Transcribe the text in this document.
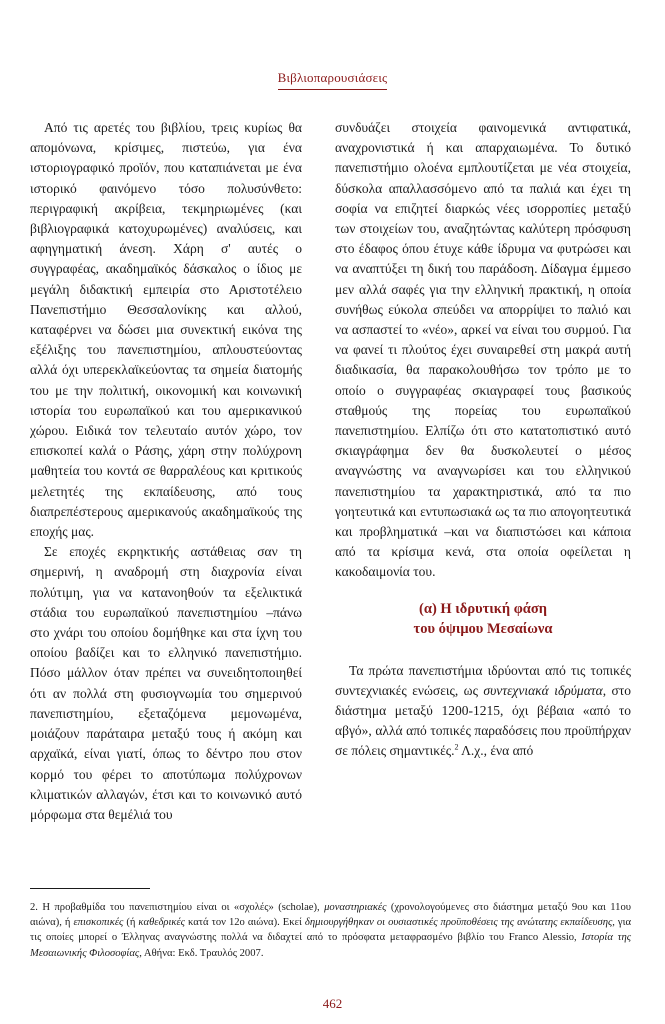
Βιβλιοπαρουσιάσεις

Από τις αρετές του βιβλίου, τρεις κυρίως θα απομόνωνα, κρίσιμες, πιστεύω, για ένα ιστοριογραφικό προϊόν, που καταπιάνεται με ένα ιστορικό φαινόμενο τόσο πολυσύνθετο: περιγραφική ακρίβεια, τεκμηριωμένες (και βιβλιογραφικά κατοχυρωμένες) αναλύσεις, και αφηγηματική άνεση. Χάρη σ' αυτές ο συγγραφέας, ακαδημαϊκός δάσκαλος ο ίδιος με μεγάλη διδακτική εμπειρία στο Αριστοτέλειο Πανεπιστήμιο Θεσσαλονίκης και αλλού, καταφέρνει να δώσει μια συνεκτική εικόνα της εξέλιξης του πανεπιστημίου, απλουστεύοντας αλλά όχι υπερεκλαϊκεύοντας τα σημεία διατομής του με την πολιτική, οικονομική και κοινωνική ιστορία του ευρωπαϊκού και του αμερικανικού χώρου. Ειδικά τον τελευταίο αυτόν χώρο, τον επισκοπεί καλά ο Ράσης, χάρη στην πολύχρονη μαθητεία του κοντά σε θαρραλέους και κριτικούς μελετητές της εκπαίδευσης, από τους διαπρεπέστερους αμερικανούς ακαδημαϊκούς της εποχής μας.

Σε εποχές εκρηκτικής αστάθειας σαν τη σημερινή, η αναδρομή στη διαχρονία είναι πολύτιμη, για να κατανοηθούν τα εξελικτικά στάδια του ευρωπαϊκού πανεπιστημίου –πάνω στο χνάρι του οποίου δομήθηκε και στα ίχνη του οποίου βαδίζει και το ελληνικό πανεπιστήμιο. Πόσο μάλλον όταν πρέπει να συνειδητοποιηθεί ότι αν πολλά στη φυσιογνωμία του σημερινού πανεπιστημίου, εξεταζόμενα μεμονωμένα, μοιάζουν παράταιρα μεταξύ τους ή ακόμη και αρχαϊκά, είναι γιατί, όπως το δέντρο που στον κορμό του φέρει το αποτύπωμα πολύχρονων κλιματικών αλλαγών, έτσι και το κοινωνικό αυτό μόρφωμα στα θεμέλιά του

συνδυάζει στοιχεία φαινομενικά αντιφατικά, αναχρονιστικά ή και απαρχαιωμένα. Το δυτικό πανεπιστήμιο ολοένα εμπλουτίζεται με νέα στοιχεία, δύσκολα απαλλασσόμενο από τα παλιά και έχει τη σοφία να επιζητεί διαρκώς νέες ισορροπίες μεταξύ των στοιχείων του, αναζητώντας καλύτερη πρόσφυση στο έδαφος όπου έτυχε κάθε ίδρυμα να φυτρώσει και να αναπτύξει τη δική του παράδοση. Δίδαγμα έμμεσο μεν αλλά σαφές για την ελληνική πρακτική, η οποία συνήθως εύκολα σπεύδει να απορρίψει το παλιό και να ασπαστεί το «νέο», αρκεί να είναι του συρμού. Για να φανεί τι πλούτος έχει συναιρεθεί στη μακρά αυτή διαδικασία, θα παρακολουθήσω τον τρόπο με το οποίο ο συγγραφέας σκιαγραφεί τους βασικούς σταθμούς της πορείας του ευρωπαϊκού πανεπιστημίου. Ελπίζω ότι στο κατατοπιστικό αυτό σκιαγράφημα δεν θα δυσκολευτεί ο μέσος αναγνώστης να αναγνωρίσει και του ελληνικού πανεπιστημίου τα χαρακτηριστικά, από τα πιο γοητευτικά και εντυπωσιακά ως τα πιο απογοητευτικά και προβληματικά –και να διαπιστώσει και κάποια από τα κρίσιμα κενά, στα οποία οφείλεται η κακοδαιμονία του.

(α) Η ιδρυτική φάση
του όψιμου Μεσαίωνα

Τα πρώτα πανεπιστήμια ιδρύονται από τις τοπικές συντεχνιακές ενώσεις, ως συντεχνιακά ιδρύματα, στο διάστημα μεταξύ 1200-1215, όχι βέβαια «από το αβγό», αλλά από τοπικές παραδόσεις που προϋπήρχαν σε πόλεις σημαντικές.$^2$ Λ.χ., ένα από

2. Η προβαθμίδα του πανεπιστημίου είναι οι «σχολές» (scholae), μοναστηριακές (χρονολογούμενες στο διάστημα μεταξύ 9ου και 11ου αιώνα), ή επισκοπικές (ή καθεδρικές κατά τον 12ο αιώνα). Εκεί δημιουργήθηκαν οι ουσιαστικές προϋποθέσεις της ανώτατης εκπαίδευσης, για τις οποίες μπορεί ο Έλληνας αναγνώστης πολλά να διδαχτεί από το πρόσφατα μεταφρασμένο βιβλίο του Franco Alessio, Ιστορία της Μεσαιωνικής Φιλοσοφίας, Αθήνα: Εκδ. Τραυλός 2007.

462
